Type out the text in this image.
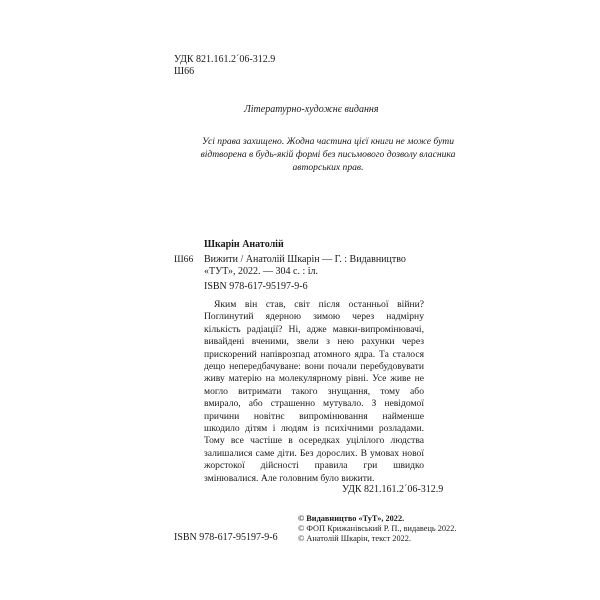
УДК 821.161.2´06-312.9
Ш66
Літературно-художнє видання
Усі права захищено. Жодна частина цієї книги не може бути відтворена в будь-якій формі без письмового дозволу власника авторських прав.
Шкарін Анатолій
Ш66 Вижити / Анатолій Шкарін — Г. : Видавництво «ТУТ», 2022. — 304 с. : іл.
ISBN 978-617-95197-9-6

Яким він став, світ після останньої війни? Поглинутий ядерною зимою через надмірну кількість радіації? Ні, адже мавки-випромінювачі, вивайдені вченими, звели з нею рахунки через прискорений напіврозпад атомного ядра. Та сталося дещо непередбачуване: вони почали перебудовувати живу матерію на молекулярному рівні. Усе живе не могло витримати такого знущання, тому або вмирало, або страшенно мутувало. З невідомої причини новітнє випромінювання найменше шкодило дітям і людям із психічними розладами. Тому все частіше в осередках уцілілого людства залишалися саме діти. Без дорослих. В умовах нової жорстокої дійсності правила гри швидко змінювалися. Але головним було вижити.

УДК 821.161.2´06-312.9
© Видавництво «ТуТ», 2022.
© ФОП Крижанівський Р. П., видавець 2022.
© Анатолій Шкарін, текст 2022.
ISBN 978-617-95197-9-6
